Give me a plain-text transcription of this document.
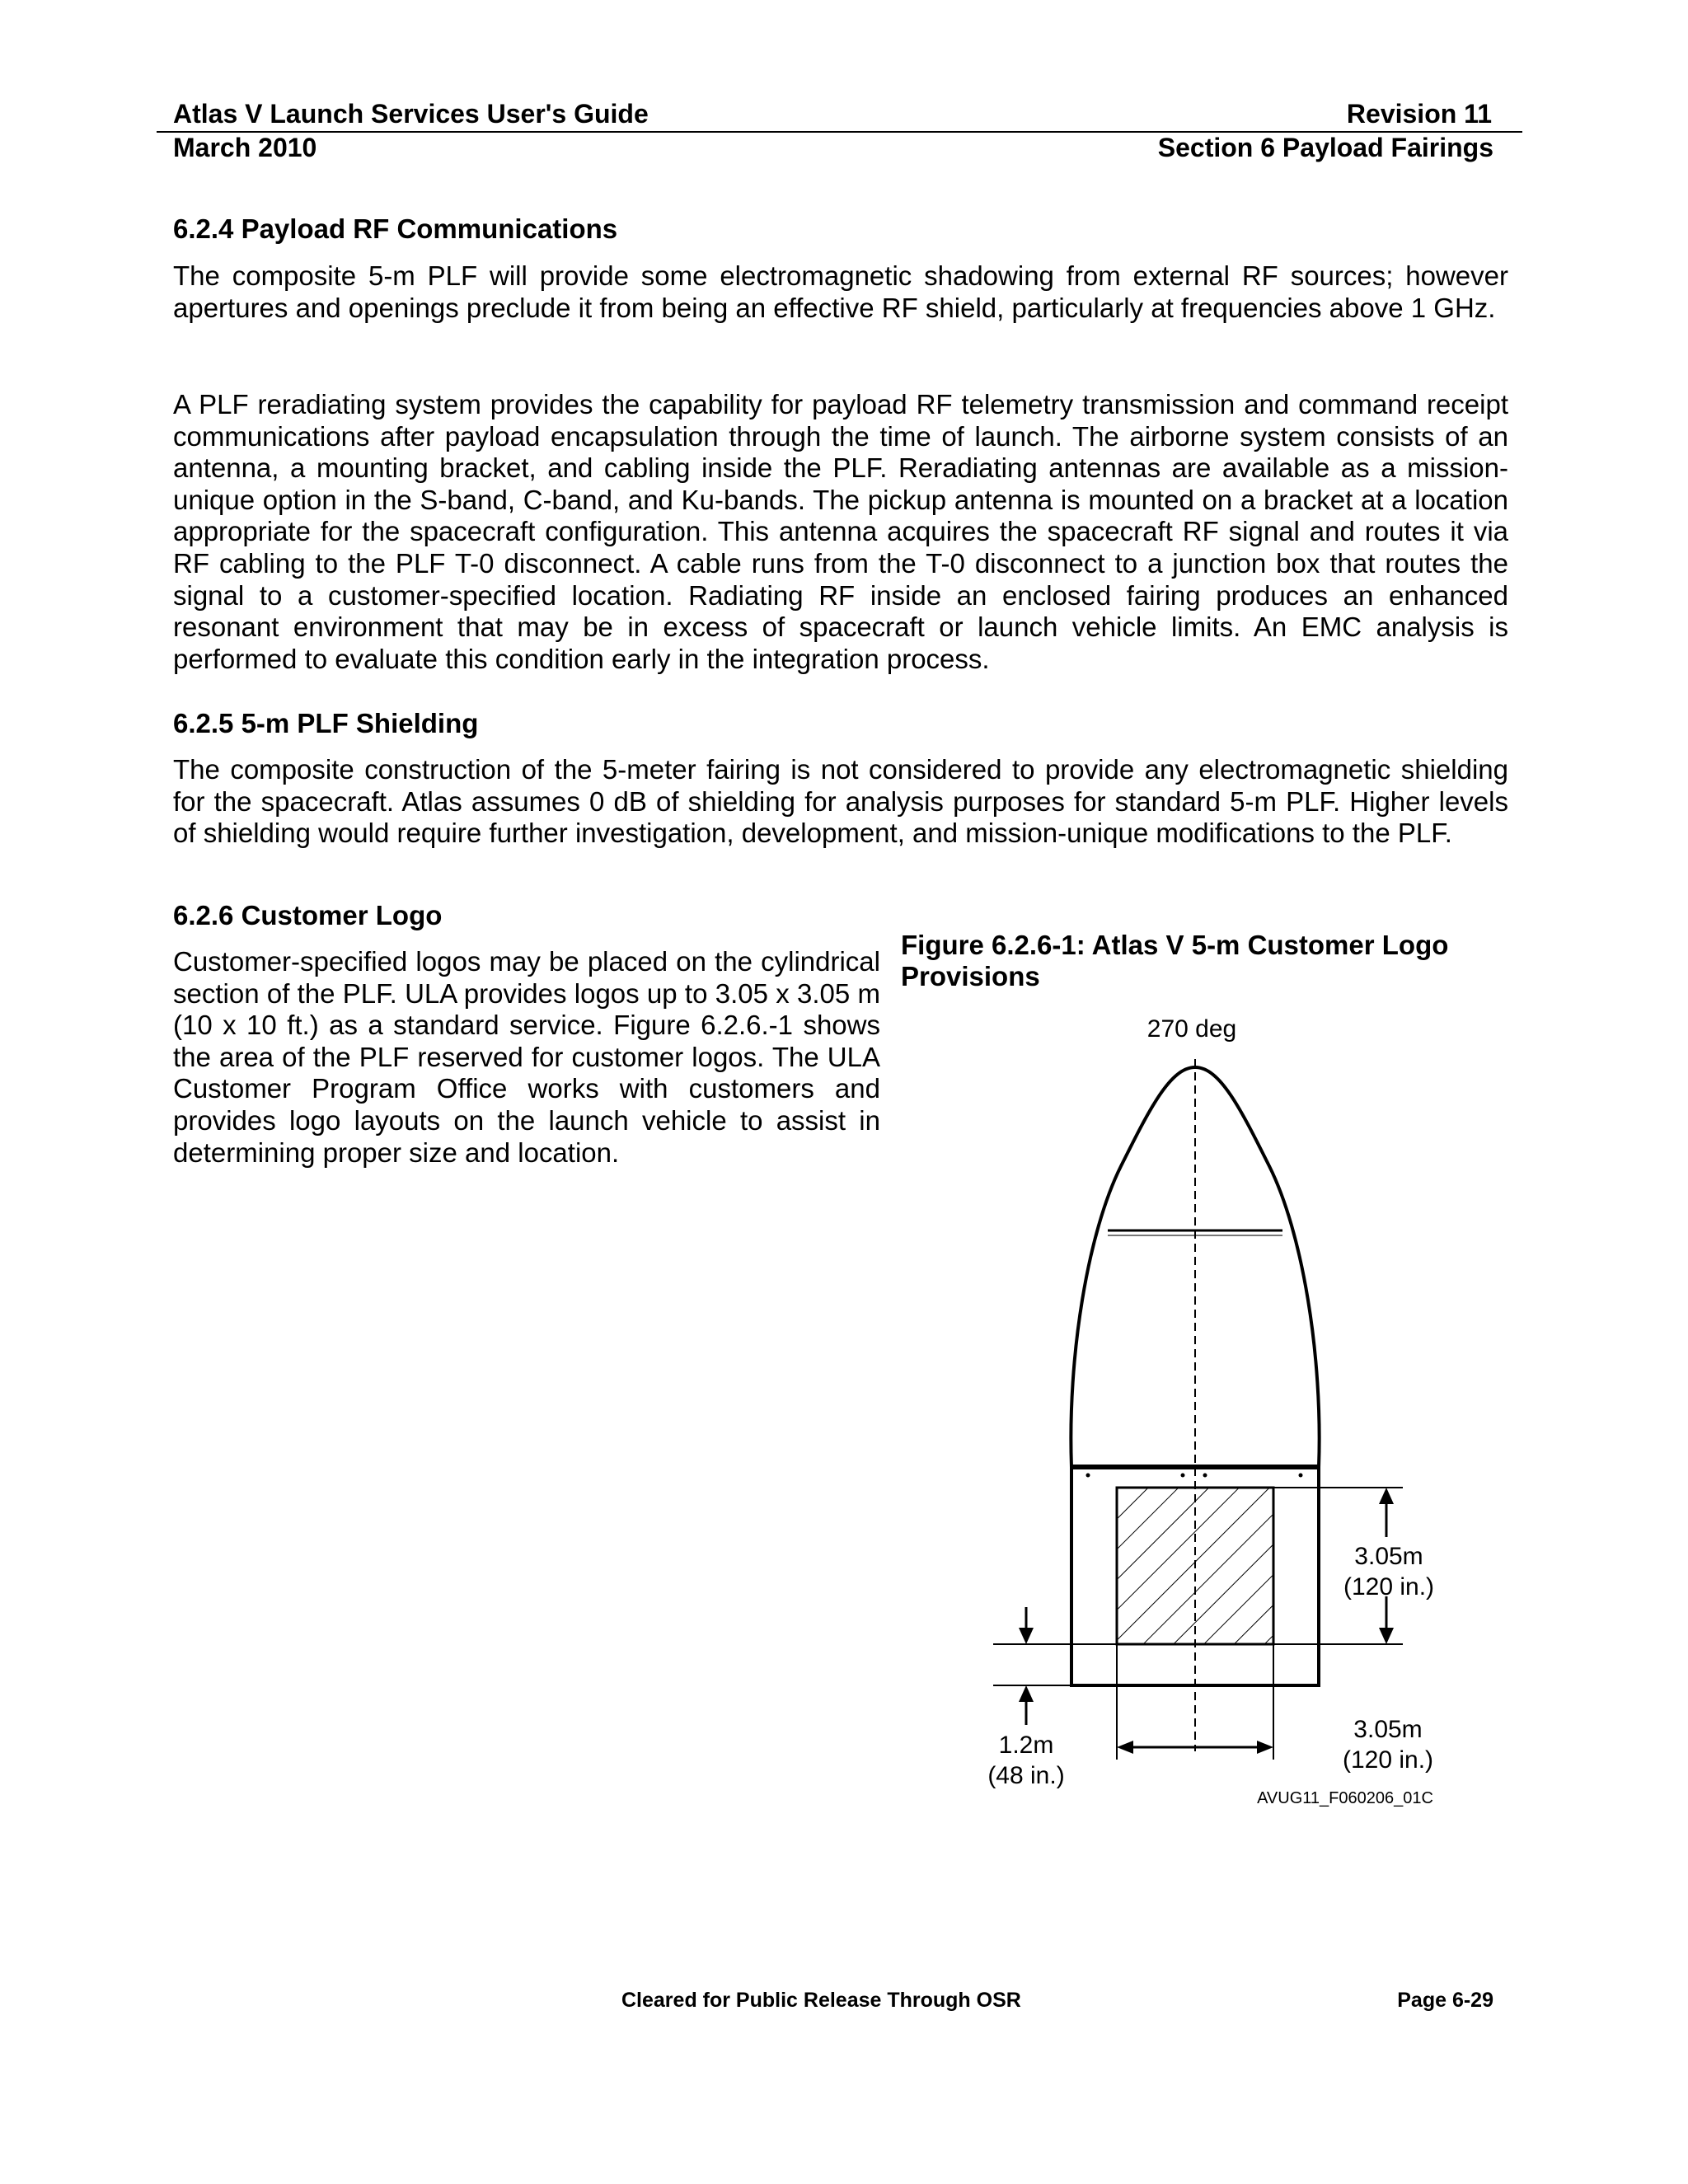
Atlas V Launch Services User's Guide	Revision 11
March 2010	Section 6 Payload Fairings
6.2.4 Payload RF Communications

The composite 5-m PLF will provide some electromagnetic shadowing from external RF sources; however apertures and openings preclude it from being an effective RF shield, particularly at frequencies above 1 GHz.

A PLF reradiating system provides the capability for payload RF telemetry transmission and command receipt communications after payload encapsulation through the time of launch. The airborne system consists of an antenna, a mounting bracket, and cabling inside the PLF. Reradiating antennas are available as a mission-unique option in the S-band, C-band, and Ku-bands. The pickup antenna is mounted on a bracket at a location appropriate for the spacecraft configuration. This antenna acquires the spacecraft RF signal and routes it via RF cabling to the PLF T-0 disconnect. A cable runs from the T-0 disconnect to a junction box that routes the signal to a customer-specified location. Radiating RF inside an enclosed fairing produces an enhanced resonant environment that may be in excess of spacecraft or launch vehicle limits. An EMC analysis is performed to evaluate this condition early in the integration process.

6.2.5 5-m PLF Shielding

The composite construction of the 5-meter fairing is not considered to provide any electromagnetic shielding for the spacecraft. Atlas assumes 0 dB of shielding for analysis purposes for standard 5-m PLF. Higher levels of shielding would require further investigation, development, and mission-unique modifications to the PLF.

6.2.6 Customer Logo

Customer-specified logos may be placed on the cylindrical section of the PLF. ULA provides logos up to 3.05 x 3.05 m (10 x 10 ft.) as a standard service. Figure 6.2.6.-1 shows the area of the PLF reserved for customer logos. The ULA Customer Program Office works with customers and provides logo layouts on the launch vehicle to assist in determining proper size and location.

Figure 6.2.6-1: Atlas V 5-m Customer Logo Provisions

270 deg
3.05m
(120 in.)
1.2m
(48 in.)
3.05m
(120 in.)
AVUG11_F060206_01C
Cleared for Public Release Through OSR	Page 6-29
